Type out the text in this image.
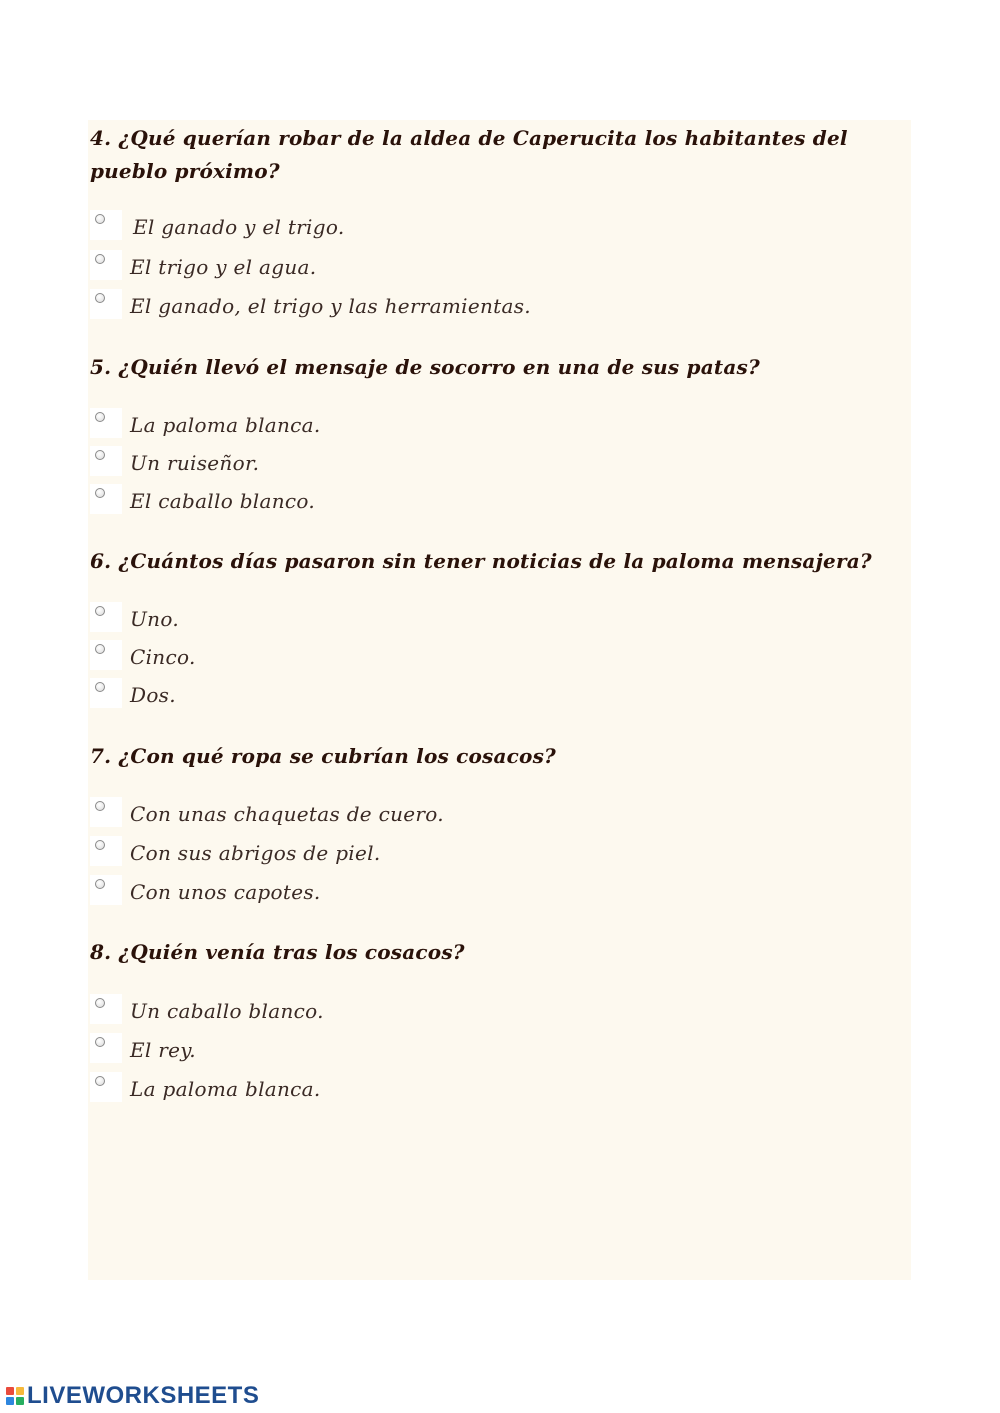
4. ¿Qué querían robar de la aldea de Caperucita los habitantes del pueblo próximo?
El ganado y el trigo.
El trigo y el agua.
El ganado, el trigo y las herramientas.
5. ¿Quién llevó el mensaje de socorro en una de sus patas?
La paloma blanca.
Un ruiseñor.
El caballo blanco.
6. ¿Cuántos días pasaron sin tener noticias de la paloma mensajera?
Uno.
Cinco.
Dos.
7. ¿Con qué ropa se cubrían los cosacos?
Con unas chaquetas de cuero.
Con sus abrigos de piel.
Con unos capotes.
8. ¿Quién venía tras los cosacos?
Un caballo blanco.
El rey.
La paloma blanca.
LIVEWORKSHEETS
